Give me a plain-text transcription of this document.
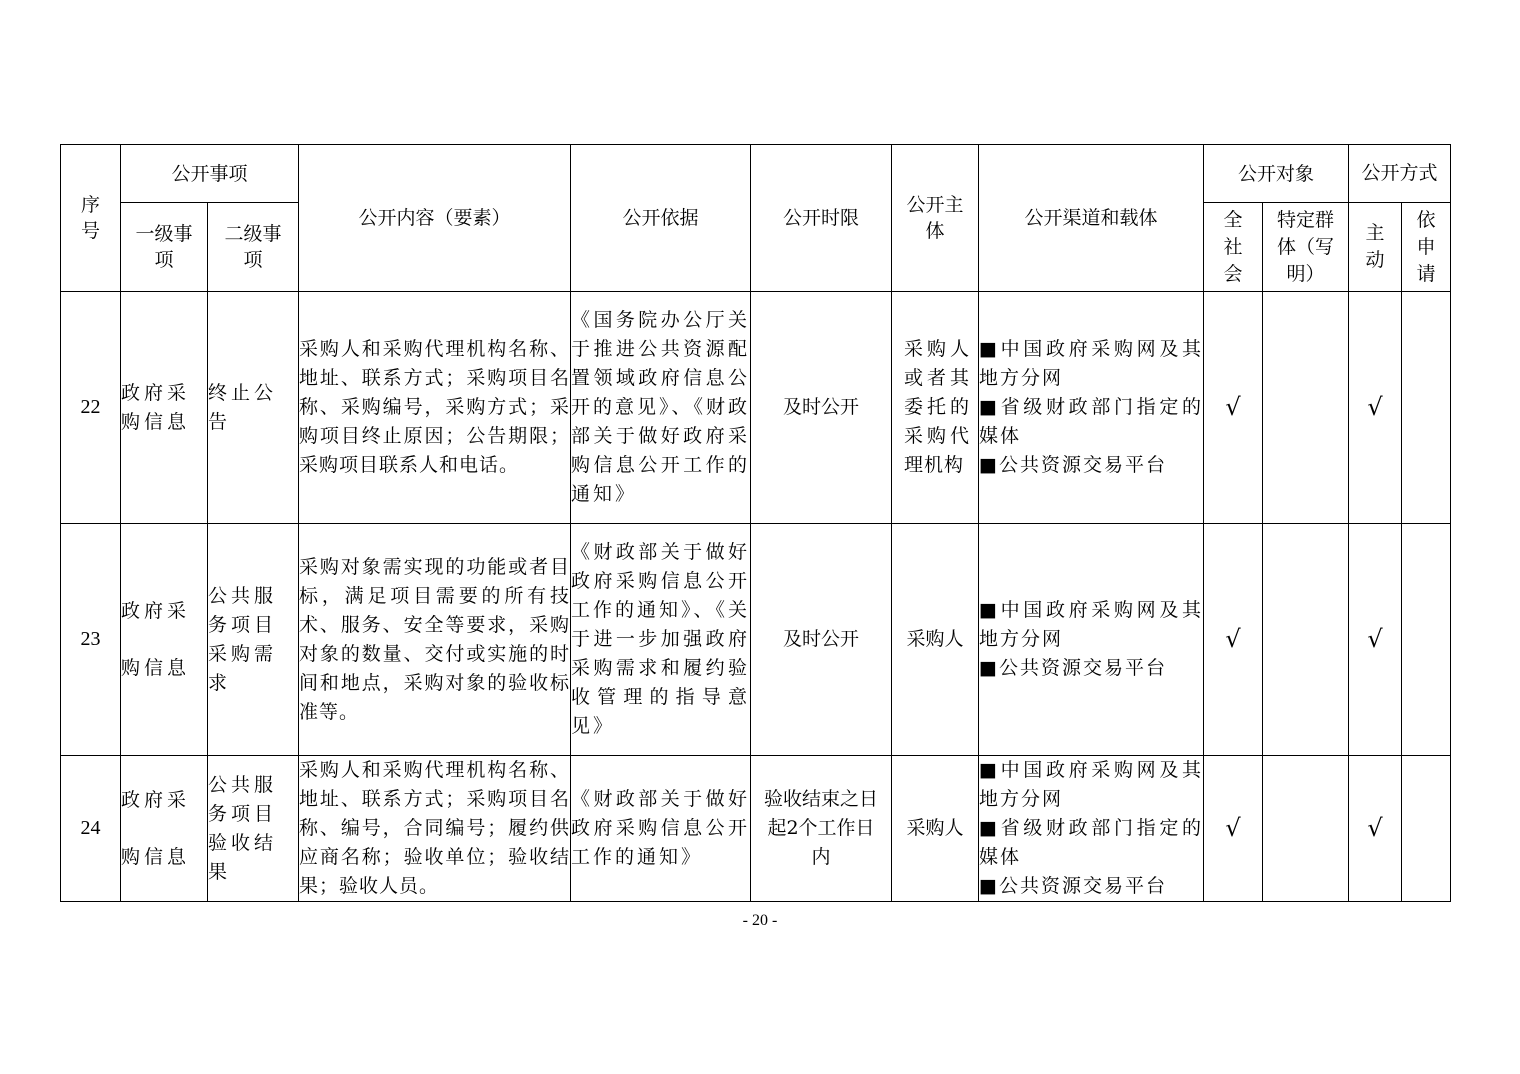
序号	公开事项		公开内容（要素）	公开依据	公开时限	公开主体	公开渠道和载体	公开对象		公开方式	
	一级事项	二级事项						全社会	特定群体（写明）	主动	依申请
22	政府采购信息	终止公告	采购人和采购代理机构名称、地址、联系方式；采购项目名称、采购编号，采购方式；采购项目终止原因；公告期限；采购项目联系人和电话。	《国务院办公厅关于推进公共资源配置领域政府信息公开的意见》、《财政部关于做好政府采购信息公开工作的通知》	及时公开	采购人或者其委托的采购代理机构	■中国政府采购网及其地方分网
■省级财政部门指定的媒体
■公共资源交易平台	√		√	
23	政府采购信息	公共服务项目采购需求	采购对象需实现的功能或者目标，满足项目需要的所有技术、服务、安全等要求，采购对象的数量、交付或实施的时间和地点，采购对象的验收标准等。	《财政部关于做好政府采购信息公开工作的通知》、《关于进一步加强政府采购需求和履约验收管理的指导意见》	及时公开	采购人	■中国政府采购网及其地方分网
■公共资源交易平台	√		√	
24	政府采购信息	公共服务项目验收结果	采购人和采购代理机构名称、地址、联系方式；采购项目名称、编号，合同编号；履约供应商名称；验收单位；验收结果；验收人员。	《财政部关于做好政府采购信息公开工作的通知》	验收结束之日起2个工作日内	采购人	■中国政府采购网及其地方分网
■省级财政部门指定的媒体
■公共资源交易平台	√		√	
- 20 -
